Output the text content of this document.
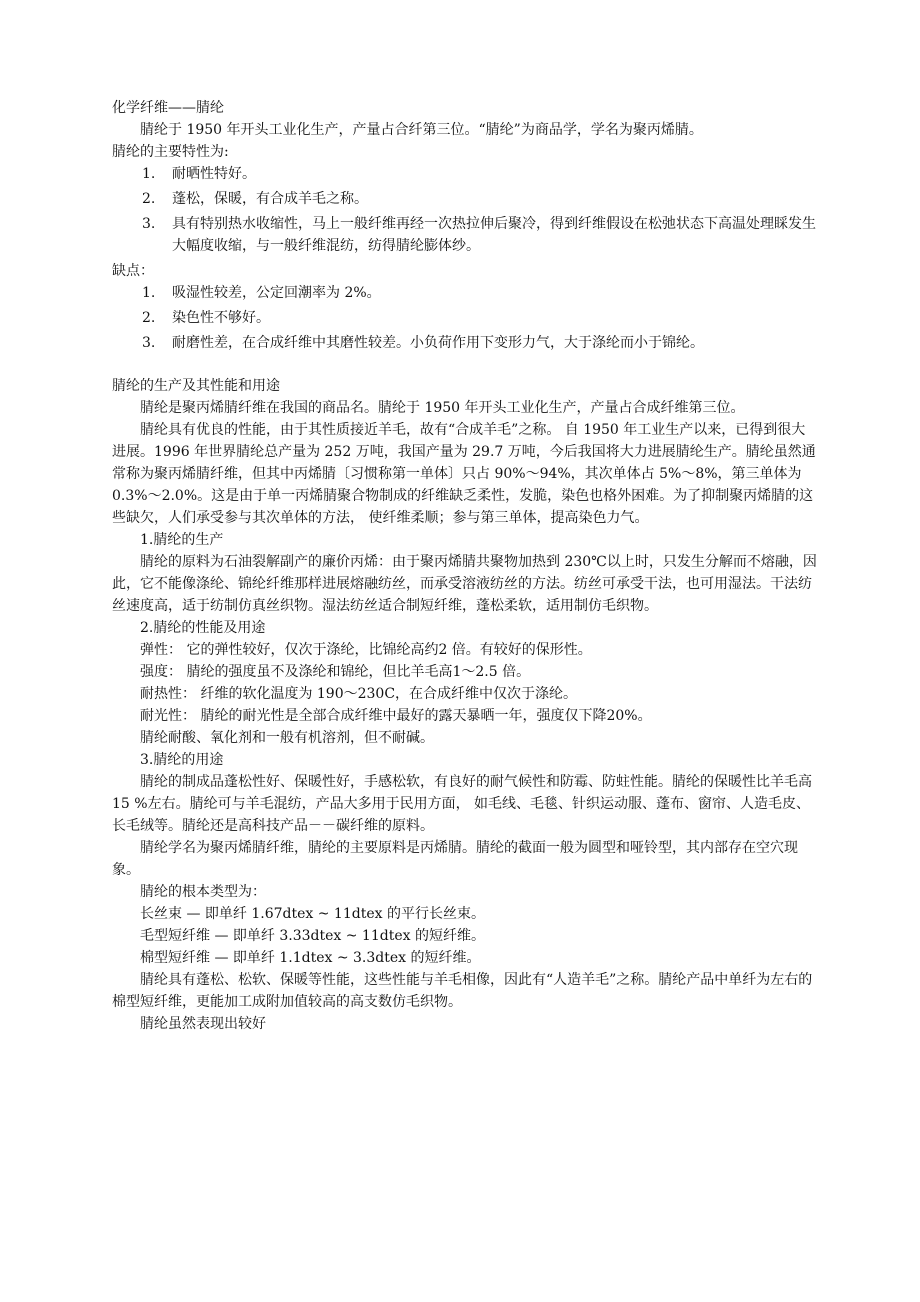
化学纤维——腈纶

腈纶于 1950 年开头工业化生产，产量占合纤第三位。“腈纶”为商品学，学名为聚丙烯腈。

腈纶的主要特性为:

1. 耐晒性特好。
2. 蓬松，保暖，有合成羊毛之称。
3. 具有特别热水收缩性，马上一般纤维再经一次热拉伸后聚冷，得到纤维假设在松弛状态下高温处理睬发生大幅度收缩，与一般纤维混纺，纺得腈纶膨体纱。

缺点：

1. 吸湿性较差，公定回潮率为 2%。
2. 染色性不够好。
3. 耐磨性差，在合成纤维中其磨性较差。小负荷作用下变形力气，大于涤纶而小于锦纶。

腈纶的生产及其性能和用途

腈纶是聚丙烯腈纤维在我国的商品名。腈纶于 1950 年开头工业化生产，产量占合成纤维第三位。

腈纶具有优良的性能，由于其性质接近羊毛，故有“合成羊毛”之称。 自 1950 年工业生产以来，已得到很大进展。1996 年世界腈纶总产量为 252 万吨，我国产量为 29.7 万吨，今后我国将大力进展腈纶生产。腈纶虽然通常称为聚丙烯腈纤维，但其中丙烯腈〔习惯称第一单体〕只占 90%～94%，其次单体占 5%～8%，第三单体为 0.3%～2.0%。这是由于单一丙烯腈聚合物制成的纤维缺乏柔性，发脆，染色也格外困难。为了抑制聚丙烯腈的这些缺欠，人们承受参与其次单体的方法， 使纤维柔顺；参与第三单体，提高染色力气。

1.腈纶的生产

腈纶的原料为石油裂解副产的廉价丙烯：由于聚丙烯腈共聚物加热到 230℃以上时，只发生分解而不熔融，因此，它不能像涤纶、锦纶纤维那样进展熔融纺丝，而承受溶液纺丝的方法。纺丝可承受干法，也可用湿法。干法纺丝速度高，适于纺制仿真丝织物。湿法纺丝适合制短纤维，蓬松柔软，适用制仿毛织物。

2.腈纶的性能及用途

弹性： 它的弹性较好，仅次于涤纶，比锦纶高约2 倍。有较好的保形性。

强度： 腈纶的强度虽不及涤纶和锦纶，但比羊毛高1～2.5 倍。

耐热性： 纤维的软化温度为 190～230C，在合成纤维中仅次于涤纶。

耐光性： 腈纶的耐光性是全部合成纤维中最好的露天暴晒一年，强度仅下降20%。

腈纶耐酸、氧化剂和一般有机溶剂，但不耐碱。

3.腈纶的用途

腈纶的制成品蓬松性好、保暖性好，手感松软，有良好的耐气候性和防霉、防蛀性能。腈纶的保暖性比羊毛高 15 %左右。腈纶可与羊毛混纺，产品大多用于民用方面， 如毛线、毛毯、针织运动服、蓬布、窗帘、人造毛皮、长毛绒等。腈纶还是高科技产品－－碳纤维的原料。

腈纶学名为聚丙烯腈纤维，腈纶的主要原料是丙烯腈。腈纶的截面一般为圆型和哑铃型，其内部存在空穴现象。

腈纶的根本类型为：

长丝束 — 即单纤 1.67dtex ~ 11dtex 的平行长丝束。

毛型短纤维 — 即单纤 3.33dtex ~ 11dtex 的短纤维。

棉型短纤维 — 即单纤 1.1dtex ~ 3.3dtex 的短纤维。

腈纶具有蓬松、松软、保暖等性能，这些性能与羊毛相像，因此有“人造羊毛”之称。腈纶产品中单纤为左右的棉型短纤维，更能加工成附加值较高的高支数仿毛织物。

腈纶虽然表现出较好
